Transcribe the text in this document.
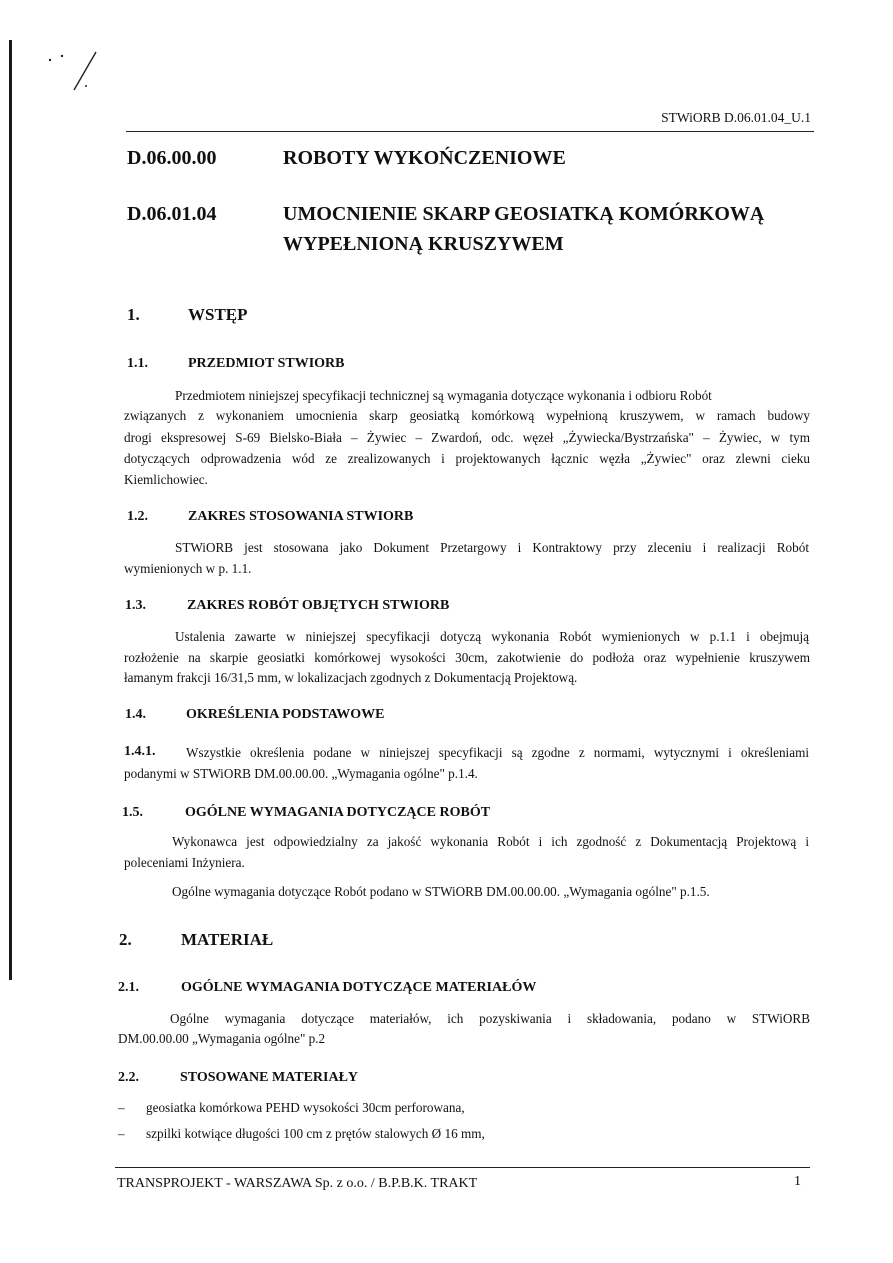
STWiORB D.06.01.04_U.1
D.06.00.00	ROBOTY WYKOŃCZENIOWE
D.06.01.04	UMOCNIENIE SKARP GEOSIATKĄ KOMÓRKOWĄ
WYPEŁNIONĄ KRUSZYWEM
1.	WSTĘP
1.1.	PRZEDMIOT STWIORB
Przedmiotem niniejszej specyfikacji technicznej są wymagania dotyczące wykonania i odbioru Robót
związanych z wykonaniem umocnienia skarp geosiatką komórkową wypełnioną kruszywem, w ramach budowy
drogi ekspresowej S-69 Bielsko-Biała – Żywiec – Zwardoń, odc. węzeł „Żywiecka/Bystrzańska" – Żywiec, w tym
dotyczących odprowadzenia wód ze zrealizowanych i projektowanych łącznic węzła „Żywiec" oraz zlewni cieku
Kiemlichowiec.
1.2.	ZAKRES STOSOWANIA STWIORB
STWiORB jest stosowana jako Dokument Przetargowy i Kontraktowy przy zleceniu i realizacji Robót
wymienionych w p. 1.1.
1.3.	ZAKRES ROBÓT OBJĘTYCH STWIORB
Ustalenia zawarte w niniejszej specyfikacji dotyczą wykonania Robót wymienionych w p.1.1 i obejmują
rozłożenie na skarpie geosiatki komórkowej wysokości 30cm, zakotwienie do podłoża oraz wypełnienie kruszywem
łamanym frakcji 16/31,5 mm, w lokalizacjach zgodnych z Dokumentacją Projektową.
1.4.	OKREŚLENIA PODSTAWOWE
1.4.1. Wszystkie określenia podane w niniejszej specyfikacji są zgodne z normami, wytycznymi i określeniami
podanymi w STWiORB DM.00.00.00. „Wymagania ogólne" p.1.4.
1.5.	OGÓLNE WYMAGANIA DOTYCZĄCE ROBÓT
Wykonawca jest odpowiedzialny za jakość wykonania Robót i ich zgodność z Dokumentacją Projektową i
poleceniami Inżyniera.
Ogólne wymagania dotyczące Robót podano w STWiORB DM.00.00.00. „Wymagania ogólne" p.1.5.
2.	MATERIAŁ
2.1.	OGÓLNE WYMAGANIA DOTYCZĄCE MATERIAŁÓW
Ogólne wymagania dotyczące materiałów, ich pozyskiwania i składowania, podano w STWiORB
DM.00.00.00 „Wymagania ogólne" p.2
2.2.	STOSOWANE MATERIAŁY
– geosiatka komórkowa PEHD wysokości 30cm perforowana,
– szpilki kotwiące długości 100 cm z prętów stalowych Ø 16 mm,
TRANSPROJEKT - WARSZAWA Sp. z o.o. / B.P.B.K. TRAKT	1
